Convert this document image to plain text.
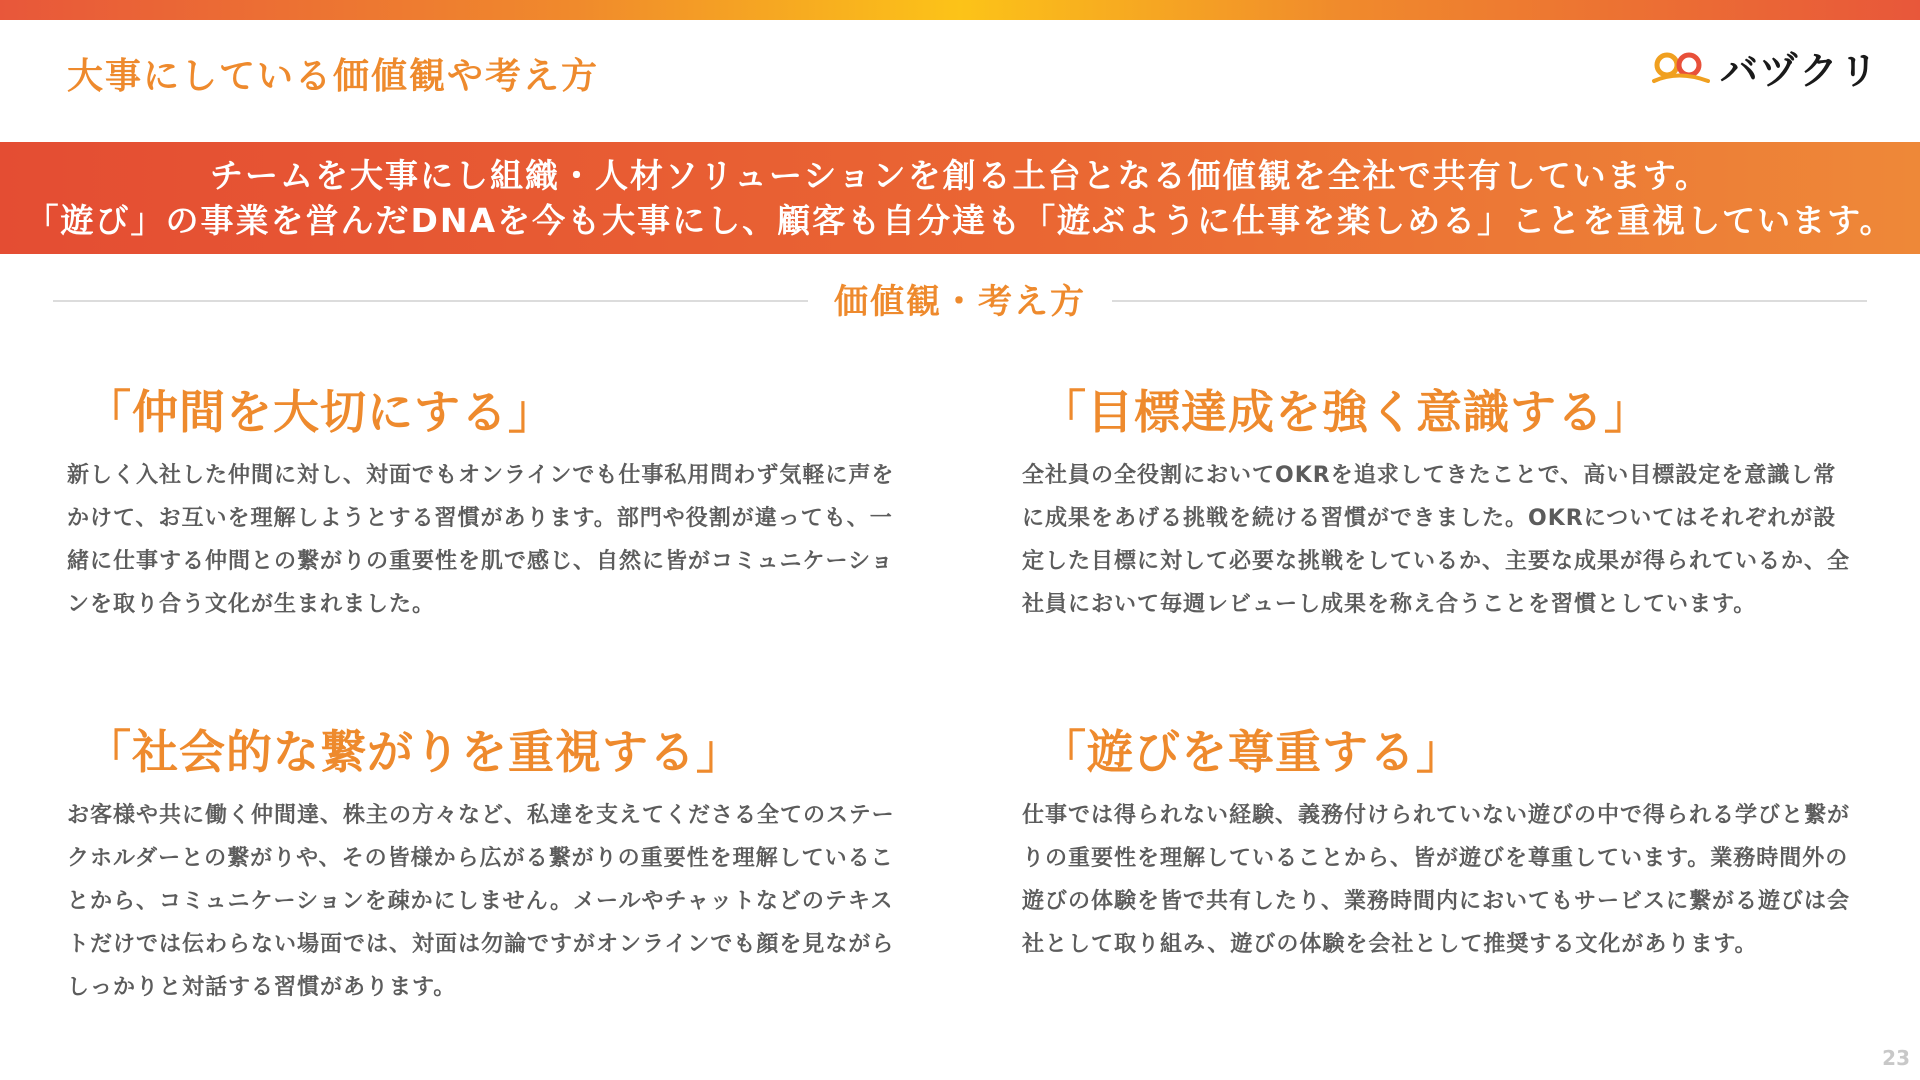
大事にしている価値観や考え方	バヅクリ
チームを大事にし組織・人材ソリューションを創る土台となる価値観を全社で共有しています。
「遊び」の事業を営んだDNAを今も大事にし、顧客も自分達も「遊ぶように仕事を楽しめる」ことを重視しています。
価値観・考え方
「仲間を大切にする」

新しく入社した仲間に対し、対面でもオンラインでも仕事私用問わず気軽に声をかけて、お互いを理解しようとする習慣があります。部門や役割が違っても、一緒に仕事する仲間との繋がりの重要性を肌で感じ、自然に皆がコミュニケーションを取り合う文化が生まれました。

「目標達成を強く意識する」

全社員の全役割においてOKRを追求してきたことで、高い目標設定を意識し常に成果をあげる挑戦を続ける習慣ができました。OKRについてはそれぞれが設定した目標に対して必要な挑戦をしているか、主要な成果が得られているか、全社員において毎週レビューし成果を称え合うことを習慣としています。

「社会的な繋がりを重視する」

お客様や共に働く仲間達、株主の方々など、私達を支えてくださる全てのステークホルダーとの繋がりや、その皆様から広がる繋がりの重要性を理解していることから、コミュニケーションを疎かにしません。メールやチャットなどのテキストだけでは伝わらない場面では、対面は勿論ですがオンラインでも顔を見ながらしっかりと対話する習慣があります。

「遊びを尊重する」

仕事では得られない経験、義務付けられていない遊びの中で得られる学びと繋がりの重要性を理解していることから、皆が遊びを尊重しています。業務時間外の遊びの体験を皆で共有したり、業務時間内においてもサービスに繋がる遊びは会社として取り組み、遊びの体験を会社として推奨する文化があります。

23
